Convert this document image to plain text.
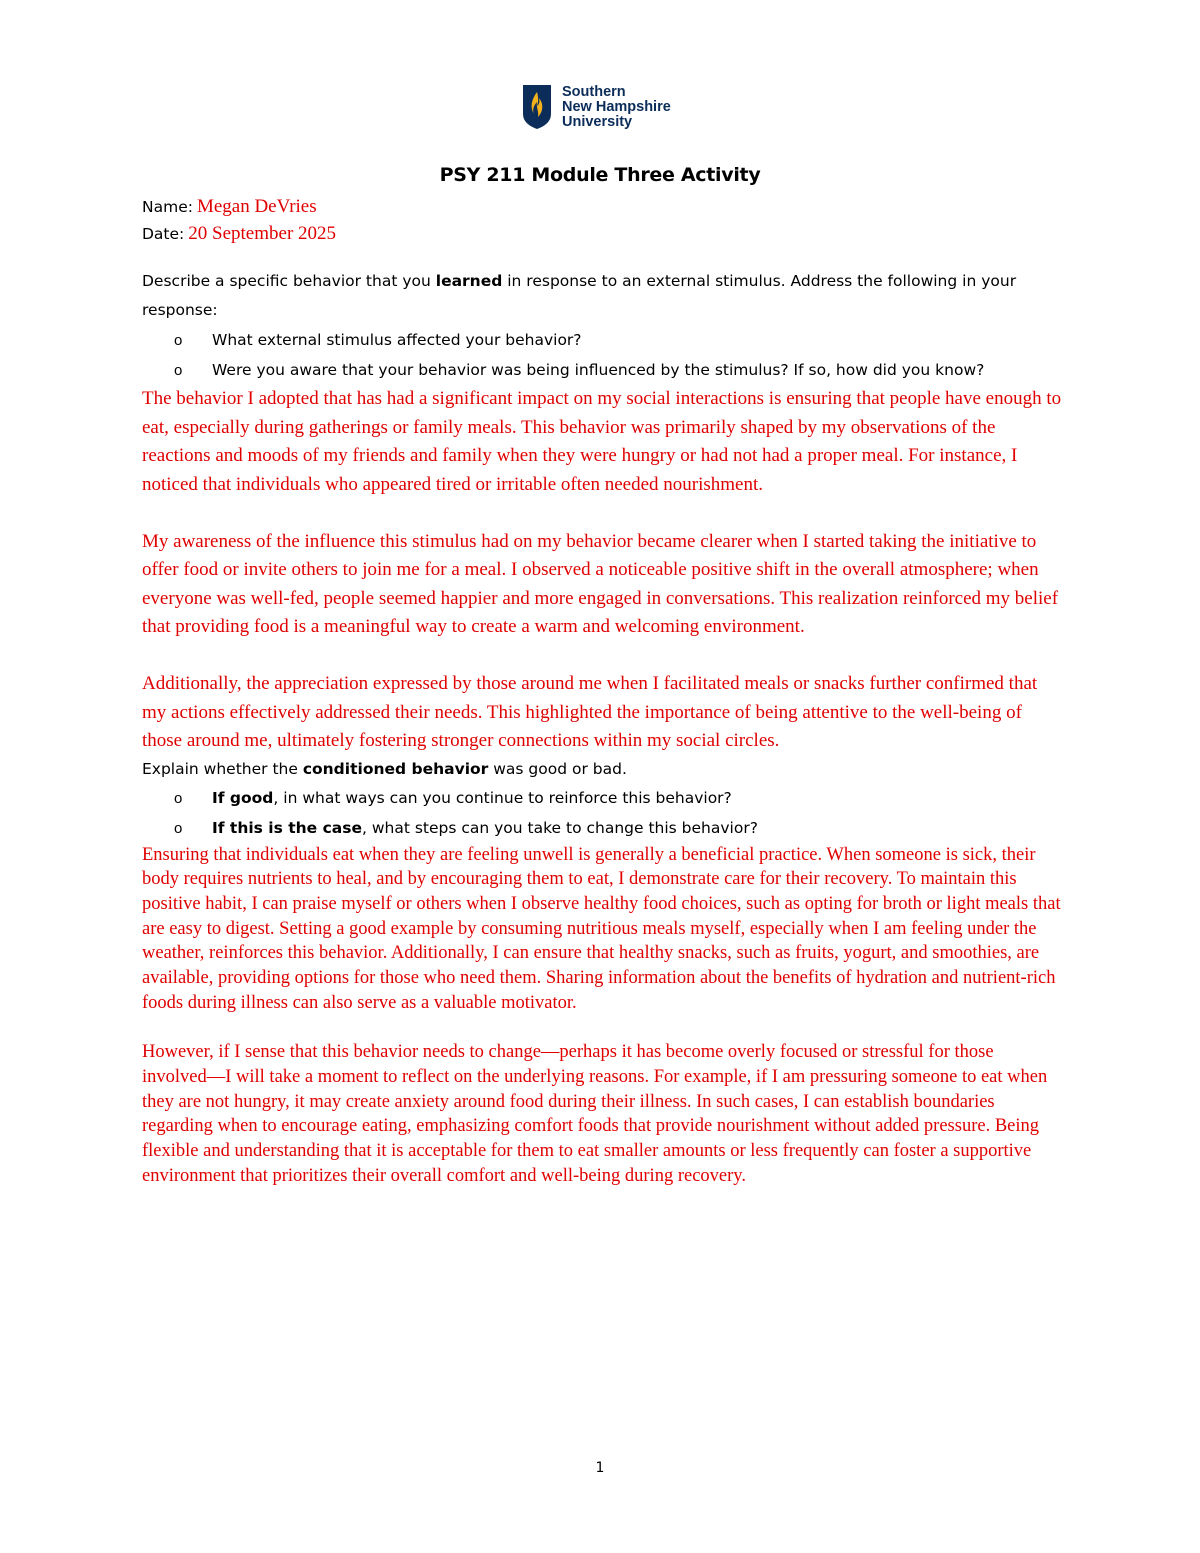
Southern
New Hampshire
University
PSY 211 Module Three Activity
Name: Megan DeVries
Date: 20 September 2025
Describe a specific behavior that you learned in response to an external stimulus. Address the following in your response:
o What external stimulus affected your behavior?
o Were you aware that your behavior was being influenced by the stimulus? If so, how did you know?

The behavior I adopted that has had a significant impact on my social interactions is ensuring that people have enough to eat, especially during gatherings or family meals. This behavior was primarily shaped by my observations of the reactions and moods of my friends and family when they were hungry or had not had a proper meal. For instance, I noticed that individuals who appeared tired or irritable often needed nourishment.

My awareness of the influence this stimulus had on my behavior became clearer when I started taking the initiative to offer food or invite others to join me for a meal. I observed a noticeable positive shift in the overall atmosphere; when everyone was well-fed, people seemed happier and more engaged in conversations. This realization reinforced my belief that providing food is a meaningful way to create a warm and welcoming environment.

Additionally, the appreciation expressed by those around me when I facilitated meals or snacks further confirmed that my actions effectively addressed their needs. This highlighted the importance of being attentive to the well-being of those around me, ultimately fostering stronger connections within my social circles.

Explain whether the conditioned behavior was good or bad.
o If good, in what ways can you continue to reinforce this behavior?
o If this is the case, what steps can you take to change this behavior?

Ensuring that individuals eat when they are feeling unwell is generally a beneficial practice. When someone is sick, their body requires nutrients to heal, and by encouraging them to eat, I demonstrate care for their recovery. To maintain this positive habit, I can praise myself or others when I observe healthy food choices, such as opting for broth or light meals that are easy to digest. Setting a good example by consuming nutritious meals myself, especially when I am feeling under the weather, reinforces this behavior. Additionally, I can ensure that healthy snacks, such as fruits, yogurt, and smoothies, are available, providing options for those who need them. Sharing information about the benefits of hydration and nutrient-rich foods during illness can also serve as a valuable motivator.

However, if I sense that this behavior needs to change—perhaps it has become overly focused or stressful for those involved—I will take a moment to reflect on the underlying reasons. For example, if I am pressuring someone to eat when they are not hungry, it may create anxiety around food during their illness. In such cases, I can establish boundaries regarding when to encourage eating, emphasizing comfort foods that provide nourishment without added pressure. Being flexible and understanding that it is acceptable for them to eat smaller amounts or less frequently can foster a supportive environment that prioritizes their overall comfort and well-being during recovery.

1
